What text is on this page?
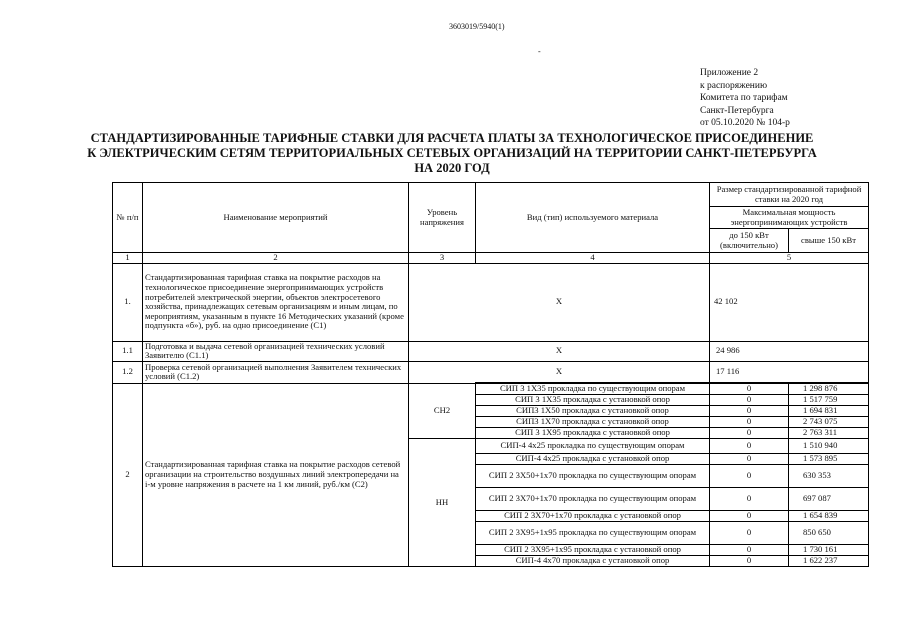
3603019/5940(1)
-
Приложение 2
к распоряжению
Комитета по тарифам
Санкт-Петербурга
от 05.10.2020 № 104-р
СТАНДАРТИЗИРОВАННЫЕ ТАРИФНЫЕ СТАВКИ ДЛЯ РАСЧЕТА ПЛАТЫ ЗА ТЕХНОЛОГИЧЕСКОЕ ПРИСОЕДИНЕНИЕ
К ЭЛЕКТРИЧЕСКИМ СЕТЯМ ТЕРРИТОРИАЛЬНЫХ СЕТЕВЫХ ОРГАНИЗАЦИЙ НА ТЕРРИТОРИИ САНКТ-ПЕТЕРБУРГА
НА 2020 ГОД
№ п/п	Наименование мероприятий	Уровень напряжения	Вид (тип) используемого материала	Размер стандартизированной тарифной ставки на 2020 год	
				Максимальная мощность энергопринимающих устройств	
				до 150 кВт (включительно)	свыше 150 кВт
1	2	3	4	5	
1.	Стандартизированная тарифная ставка на покрытие расходов на технологическое присоединение энергопринимающих устройств потребителей электрической энергии, объектов электросетевого хозяйства, принадлежащих сетевым организациям и иным лицам, по мероприятиям, указанным в пункте 16 Методических указаний (кроме подпункта «б»), руб. на одно присоединение (С1)	Х		42 102	
1.1	Подготовка и выдача сетевой организацией технических условий Заявителю (С1.1)	Х		24 986	
1.2	Проверка сетевой организацией выполнения Заявителем технических условий (С1.2)	Х		17 116	
2	Стандартизированная тарифная ставка на покрытие расходов сетевой организации на строительство воздушных линий электропередачи на i-м уровне напряжения в расчете на 1 км линий, руб./км (С2)	СН2	СИП 3 1Х35 прокладка по существующим опорам	0	1 298 876
			СИП 3 1Х35 прокладка с установкой опор	0	1 517 759
			СИП3 1Х50 прокладка с установкой опор	0	1 694 831
			СИП3 1Х70 прокладка с установкой опор	0	2 743 075
			СИП 3 1Х95 прокладка с установкой опор	0	2 763 311
		НН	СИП-4 4х25 прокладка по существующим опорам	0	1 510 940
			СИП-4 4х25 прокладка с установкой опор	0	1 573 895
			СИП 2 3Х50+1х70 прокладка по существующим опорам	0	630 353
			СИП 2 3Х70+1х70 прокладка по существующим опорам	0	697 087
			СИП 2 3Х70+1х70 прокладка с установкой опор	0	1 654 839
			СИП 2 3Х95+1х95 прокладка по существующим опорам	0	850 650
			СИП 2 3Х95+1х95 прокладка с установкой опор	0	1 730 161
			СИП-4 4х70 прокладка с установкой опор	0	1 622 237
